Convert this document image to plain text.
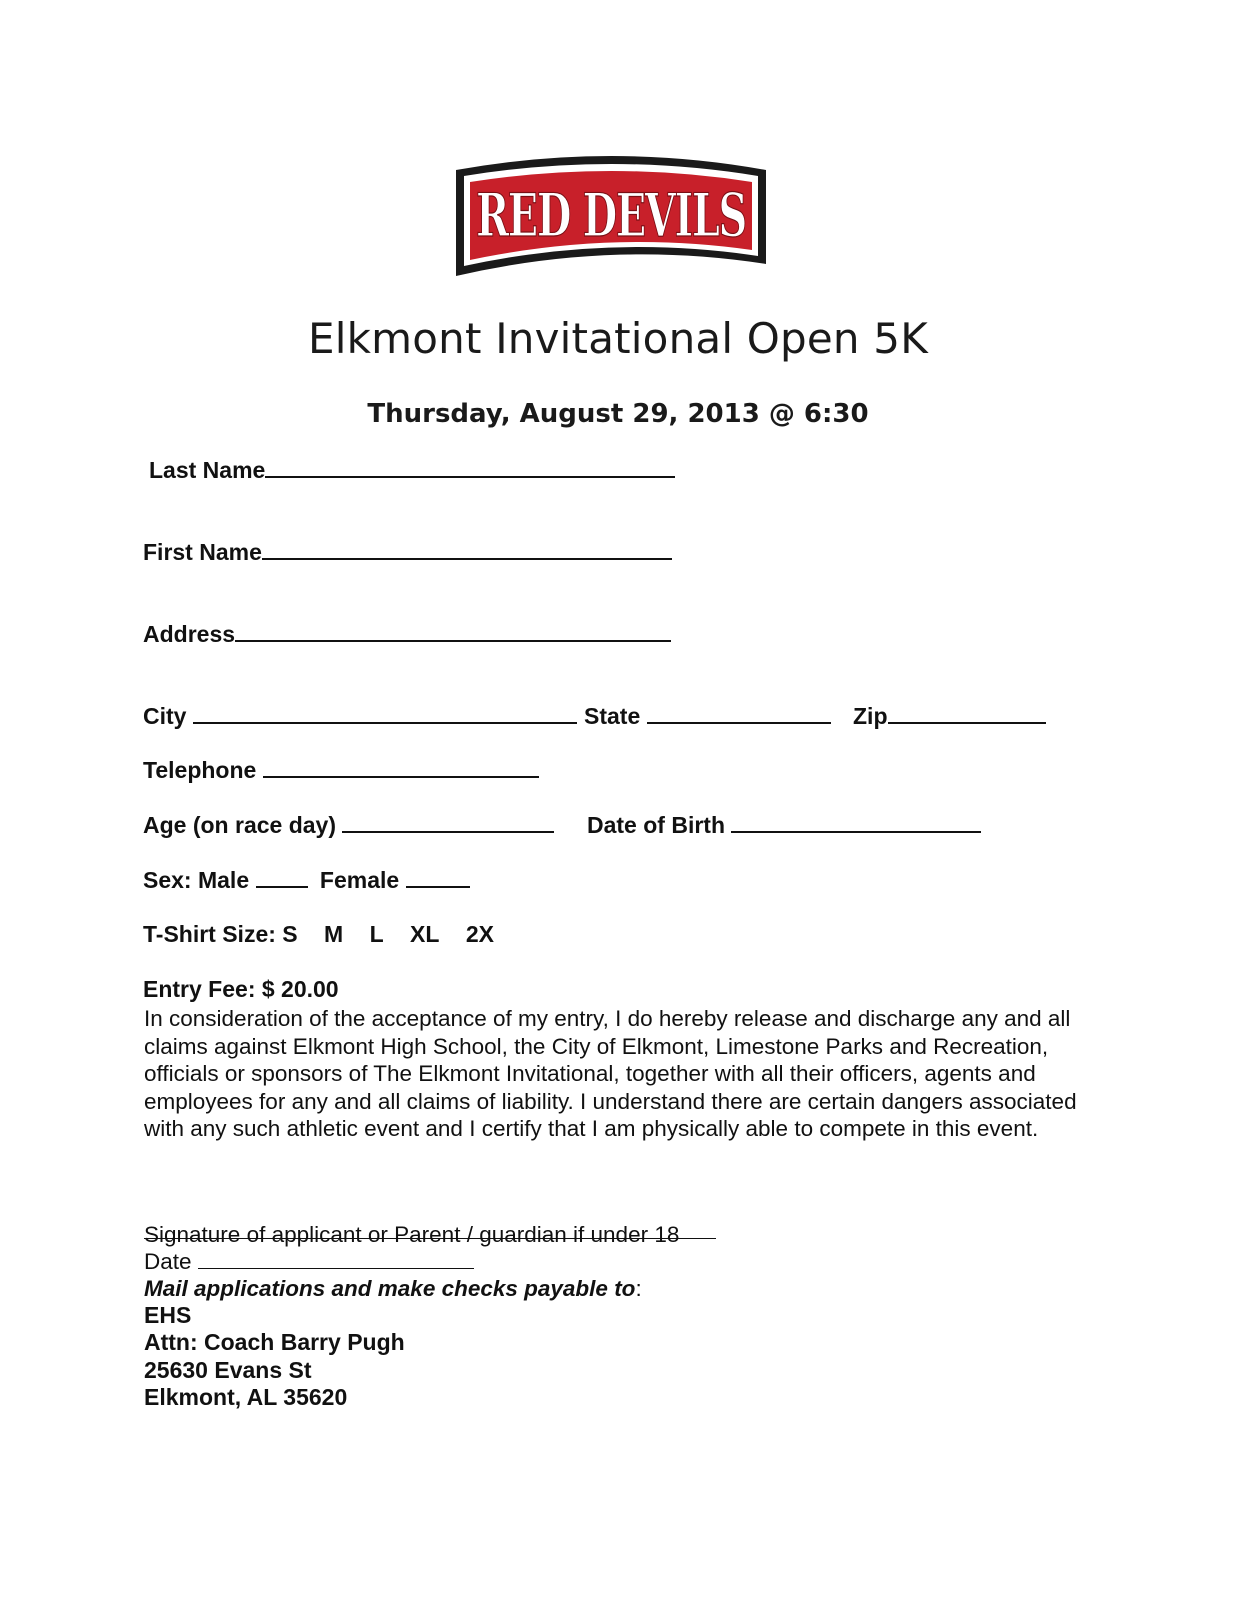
RED DEVILS
Elkmont Invitational Open 5K
Thursday, August 29, 2013 @ 6:30
Last Name
First Name
Address
City	State	Zip
Telephone
Age (on race day)	Date of Birth
Sex: Male	Female
T-Shirt Size: S M L XL 2X
Entry Fee: $ 20.00
In consideration of the acceptance of my entry, I do hereby release and discharge any and all claims against Elkmont High School, the City of Elkmont, Limestone Parks and Recreation, officials or sponsors of The Elkmont Invitational, together with all their officers, agents and employees for any and all claims of liability. I understand there are certain dangers associated with any such athletic event and I certify that I am physically able to compete in this event.
Signature of applicant or Parent / guardian if under 18
Date
Mail applications and make checks payable to:
EHS
Attn: Coach Barry Pugh
25630 Evans St
Elkmont, AL 35620
